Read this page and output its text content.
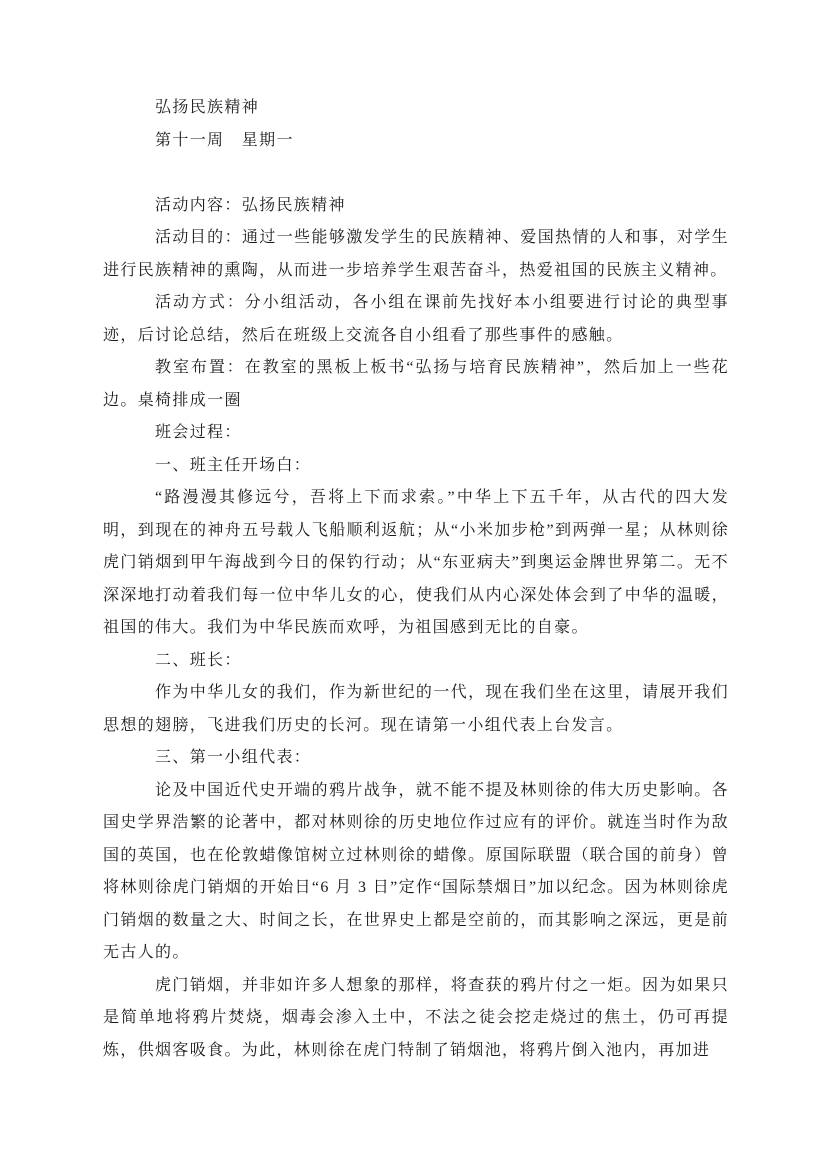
弘扬民族精神

第十一周　星期一

活动内容：弘扬民族精神

活动目的：通过一些能够激发学生的民族精神、爱国热情的人和事，对学生进行民族精神的熏陶，从而进一步培养学生艰苦奋斗，热爱祖国的民族主义精神。

活动方式：分小组活动，各小组在课前先找好本小组要进行讨论的典型事迹，后讨论总结，然后在班级上交流各自小组看了那些事件的感触。

教室布置：在教室的黑板上板书“弘扬与培育民族精神”，然后加上一些花边。桌椅排成一圈

班会过程：

一、班主任开场白：

“路漫漫其修远兮，吾将上下而求索。”中华上下五千年，从古代的四大发明，到现在的神舟五号载人飞船顺利返航；从“小米加步枪”到两弹一星；从林则徐虎门销烟到甲午海战到今日的保钓行动；从“东亚病夫”到奥运金牌世界第二。无不深深地打动着我们每一位中华儿女的心，使我们从内心深处体会到了中华的温暖，祖国的伟大。我们为中华民族而欢呼，为祖国感到无比的自豪。

二、班长：

作为中华儿女的我们，作为新世纪的一代，现在我们坐在这里，请展开我们思想的翅膀，飞进我们历史的长河。现在请第一小组代表上台发言。

三、第一小组代表：

论及中国近代史开端的鸦片战争，就不能不提及林则徐的伟大历史影响。各国史学界浩繁的论著中，都对林则徐的历史地位作过应有的评价。就连当时作为敌国的英国，也在伦敦蜡像馆树立过林则徐的蜡像。原国际联盟（联合国的前身）曾将林则徐虎门销烟的开始日“6 月 3 日”定作“国际禁烟日”加以纪念。因为林则徐虎门销烟的数量之大、时间之长，在世界史上都是空前的，而其影响之深远，更是前无古人的。

虎门销烟，并非如许多人想象的那样，将查获的鸦片付之一炬。因为如果只是简单地将鸦片焚烧，烟毒会渗入土中，不法之徒会挖走烧过的焦土，仍可再提炼，供烟客吸食。为此，林则徐在虎门特制了销烟池，将鸦片倒入池内，再加进
